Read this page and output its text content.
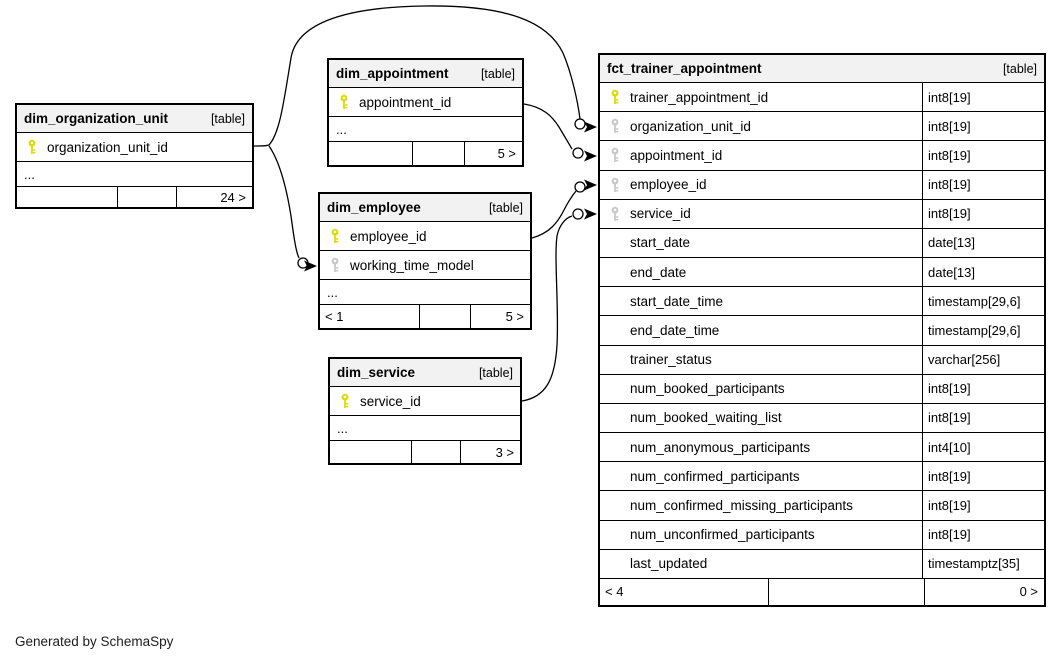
dim_organization_unit	[table]
organization_unit_id
...
24 >
dim_appointment	[table]
appointment_id
...
5 >
dim_employee	[table]
employee_id
working_time_model
...
< 1	5 >
dim_service	[table]
service_id
...
3 >
fct_trainer_appointment	[table]
trainer_appointment_id	int8[19]
organization_unit_id	int8[19]
appointment_id	int8[19]
employee_id	int8[19]
service_id	int8[19]
start_date	date[13]
end_date	date[13]
start_date_time	timestamp[29,6]
end_date_time	timestamp[29,6]
trainer_status	varchar[256]
num_booked_participants	int8[19]
num_booked_waiting_list	int8[19]
num_anonymous_participants	int4[10]
num_confirmed_participants	int8[19]
num_confirmed_missing_participants	int8[19]
num_unconfirmed_participants	int8[19]
last_updated	timestamptz[35]
< 4	0 >
Generated by SchemaSpy
